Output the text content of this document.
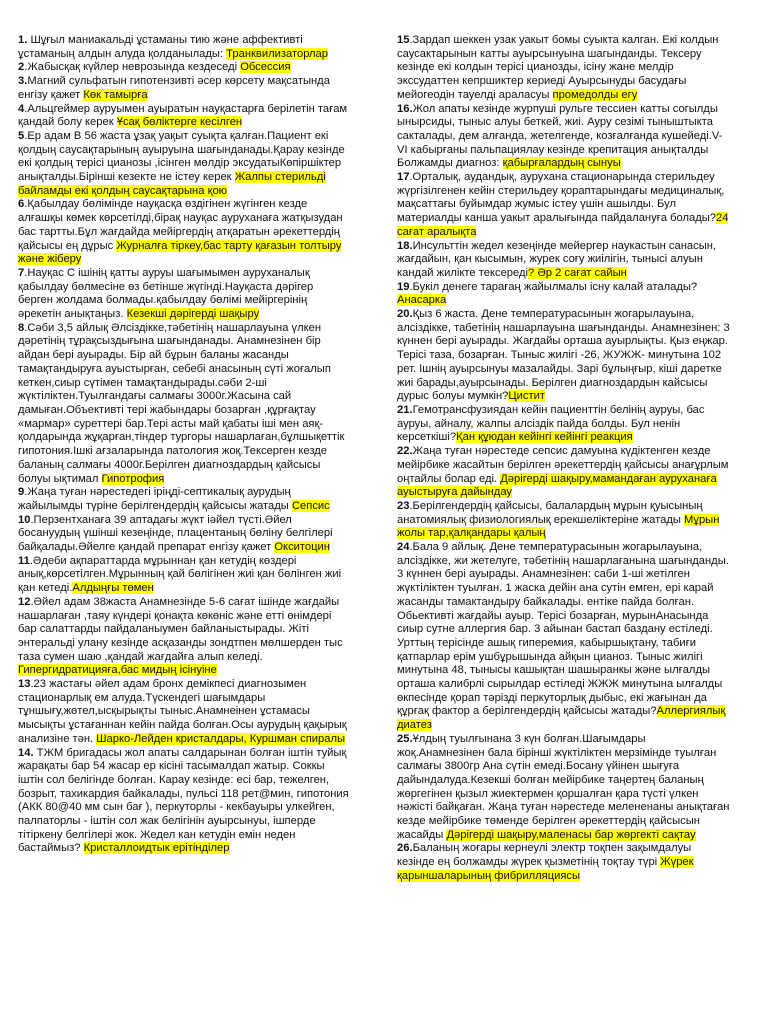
1. Шұғыл маниакальді ұстаманы тию және аффективті ұстаманың алдын алуда қолданылады: Транквилизаторлар

2.Жабысқақ күйлер неврозында кездеседі Обсессия

3.Магний сульфатын гипотензивті әсер көрсету мақсатында енгізу қажет Көк тамырға

4.Альцгеймер ауруымен ауыратын науқастарға берілетін тағам қандай болу керек Ұсақ бөліктерге кесілген

5.Ер адам В 56 жаста ұзақ уақыт суықта қалған.Пациент екі қолдың саусақтарының ауыруына шағынданады.Қарау кезінде екі қолдың терісі цианозы ,ісінген мөлдір эксудатыКөпіршіктер анықталды.Бірінші кезекте не істеу керек Жалпы стерильді байламды екі қолдың саусақтарына қою

6.Қабылдау бөлімінде науқасқа өздігінен жүгінген кезде алғашқы көмек көрсетілді,бірақ науқас ауруханаға жатқызудан бас тартты.Бұл жағдайда мейіргердің атқаратын әрекеттердің қайсысы ең дұрыс Журналға тіркеу,бас тарту қағазын толтыру және жіберу

7.Науқас С ішінің қатты ауруы шағымымен ауруханалық қабылдау бөлмесіне өз бетінше жүгінді.Науқаста дәрігер берген жолдама болмады.қабылдау бөлімі мейіргерінің әрекетін анықтаңыз. Кезекші дәрігерді шақыру

8.Сәби 3,5 айлық Әлсіздікке,тәбетінің нашарлауына үлкен дәретінің тұрақсыздығына шағынданады. Анамнезінен бір айдан бері ауырады. Бір ай бұрын баланы жасанды тамақтандыруға ауыстырған, себебі анасының сүті жоғалып кеткен,сиыр сүтімен тамақтандырады.сәби 2-ші жүктіліктен.Туылғандағы салмағы 3000г.Жасына сай дамыған.Объективті тері жабындары бозарған ,құрғақтау «мармар» суреттері бар.Тері асты май қабаты іші мен аяқ-қолдарында жұқарған,тіндер тургоры нашарлаған,бұлшықеттік гипотония.Ішкі ағзаларында патология жоқ.Тексерген кезде баланың салмағы 4000г.Берілген диагноздардың қайсысы болуы ықтимал Гипотрофия

9.Жаңа туған нәрестедегі іріңді-септикалық аурудың жайылымды түріне берілгендердің қайсысы жатады Сепсис

10.Перзентханаға 39 аптадағы жүкт іәйел түсті.Әйел босануудың үшінші кезеңінде, плацентаның бөліну белгілері байқалады.Әйелге қандай препарат енгізу қажет Окситоцин

11.Әдеби ақпараттарда мұрыннан қан кетудің көздері анық,көрсетілген.Мұрынның қай бөлігінен жиі қан бөлінген жиі қан кетеді.Алдыңғы төмен

12.Әйел адам 38жаста Анамнезінде 5-6 сағат ішінде жағдайы нашарлаған ,таяу күндері қонақта көкөніс және етті өнімдері бар салаттарды пайдаланыумен байланыстырады. Жіті энтеральді улану кезінде асқазанды зондтпен мөлшерден тыс таза сумен шаю ,қандай жағдайға алып келеді. Гипергидратицияға,бас мидың ісінуіне

13.23 жастағы әйел адам бронх демікпесі диагнозымен стационарлық ем алуда.Түскендегі шағымдары тұншығу,жөтел,ысқырықты тыныс.Анамнеінен ұстамасы мысықты ұстағаннан кейін пайда болған.Осы аурудың қақырық анализіне тән. Шарко-Лейден кристалдары, Куршман спиралы

14. ТЖМ бригадасы жол апаты салдарынан болған іштін туйық жарақаты бар 54 жасар ер кісіні тасымалдап жатыр. Соккы іштін сол белігінде болған. Карау кезінде: есі бар, тежелген, бозрыт, тахикардия байкалады, пульсі 118 рет@мин, гипотония (АКК 80@40 мм сын бағ ), перкуторлы - кекбауыры улкейген, палпаторлы - іштін сол жак белігінін ауырсынуы, ішперде тітіркену белгілері жок. Жедел кан кетудін емін неден бастаймыз? Кристаллоидтык ерітінділер

15.Зардап шеккен узак уакыт бомы суыкта калган. Екі колдын саусактарынын катты ауырсынуына шагынданды. Тексеру кезінде екі колдын терісі цианозды, ісіну жане мелдір экссудаттен кепршиктер кериеді Ауырсынуды басудағы мейогеодін тауелді араласуы промедолды егу

16.Жол апаты кезінде журпуші рульге тессиен катты согылды ынырсиды, тыныс алуы беткей, жиі. Ауру сезімі тыныштыкта сакталады, дем алғанда, жетелгенде, козғалғанда кушейеді.V-VI кабырғаны пальпациялау кезінде крепитация анықталды Болжамды диагноз: қабырғалардың сынуы

17.Орталық, аудандық, аурухана стационарында стерильдеу жүргізілгенен кейін стерильдеу қораптарындағы медициналық, мақсаттағы буйымдар жумыс істеу үшін ашылды. Бул материалды канша уакыт аралығында пайдалануға болады?24 сағат аралықта

18.Инсульттін жедел кезеңінде мейергер наукастын санасын, жағдайын, қан кысымын, журек соғу жиілігін, тынысі алуын кандай жилікте тексереді? Әр 2 сағат сайын

19.Букіл денеге тарағаң жайылмалы існу калай аталады? Анасарка

20.Қыз 6 жаста. Дене температурасынын жогарылауына, алсіздікке, табетінің нашарлауына шағынданды. Анамнезінен: 3 күннен бері ауырады. Жағдайы орташа ауырлықты. Қыз еңжар. Терісі таза, бозарған. Тыныс жилігі -26, ЖУЖЖ- минутына 102 рет. Ішнің ауырсынуы мазалайды. Зарі бұлыңғыр, кіші даретке жиі барады,ауырсынады. Берілген диагноздардын кайсысы дурыс болуы мумкін?Цистит

21.Гемотрансфузиядан кейін пациенттін белінің ауруы, бас ауруы, айналу, жалпы алсіздік пайда болды. Бул ненін керсеткіші?Қан құюдан кейінгі кейінгі реакция

22.Жаңа туған нәрестеде сепсис дамуына күдіктенген кезде мейірбике жасайтын берілген әрекеттердің қайсысы анағұрлым оңтайлы болар еді. Дәрігерді шақыру,мамандаған ауруханаға ауыстыруға дайындау

23.Берілгендердің қайсысы, балалардың мұрын қуысының анатомиялық физиологиялық ерекшеліктеріне жатады Мұрын жолы тар,қалқандары қалың

24.Бала 9 айлық. Дене температурасынын жогарылауына, алсіздікке, жи жетелуге, тәбетінің нашарлағанына шағынданды. 3 күннен бері ауырады. Анамнезінен: саби 1-ші жетілген жүктіліктен туылған. 1 жаска дейін ана сутін емген, ері карай жасанды тамактандыру байкалады. ентіке пайда болған. Обьективті жағдайы ауыр. Терісі бозарған, мурынАнасында сиыр сутне аллергия бар. 3 айынан бастап баздану естіледі. Урттың терісінде ашық гиперемия, кабыршықтану, табиғи қатпарлар ерім ушбұрышында айқын цианоз. Тыныс жилігі минутына 48, тынысы кашықтан шашыранкы және ылғалды орташа калибрлі сырылдар естіледі ЖЖЖ минутына ылғалды өкпесінде қорап тәрізді перкуторлық дыбыс, екі жағынан да құрғақ фактор а берілгендердің қайсысы жатады?Аллергиялық диатез

25.Ұлдың туылғынана 3 күн болған.Шағымдары жоқ.Анамнезінен бала бірінші жүктіліктен мерзімінде туылған салмағы 3800гр Ана сүтін емеді.Босану үйінен шығуға дайындалуда.Кезекші болған мейірбике таңертең баланың жөргегінен қызыл жиектермен қоршалған қара түсті үлкен нәжісті байқаған. Жаңа туған нәрестеде мелененаны анықтаған кезде мейірбике төменде берілген әрекеттердің қайсысын жасайды Дәрігерді шақыру,маленасы бар жөргекті сақтау

26.Баланың жоғары кернеулі электр тоқпен зақымдалуы кезінде ең болжамды жүрек қызметінің тоқтау түрі Жүрек қарыншаларының фибрилляциясы
